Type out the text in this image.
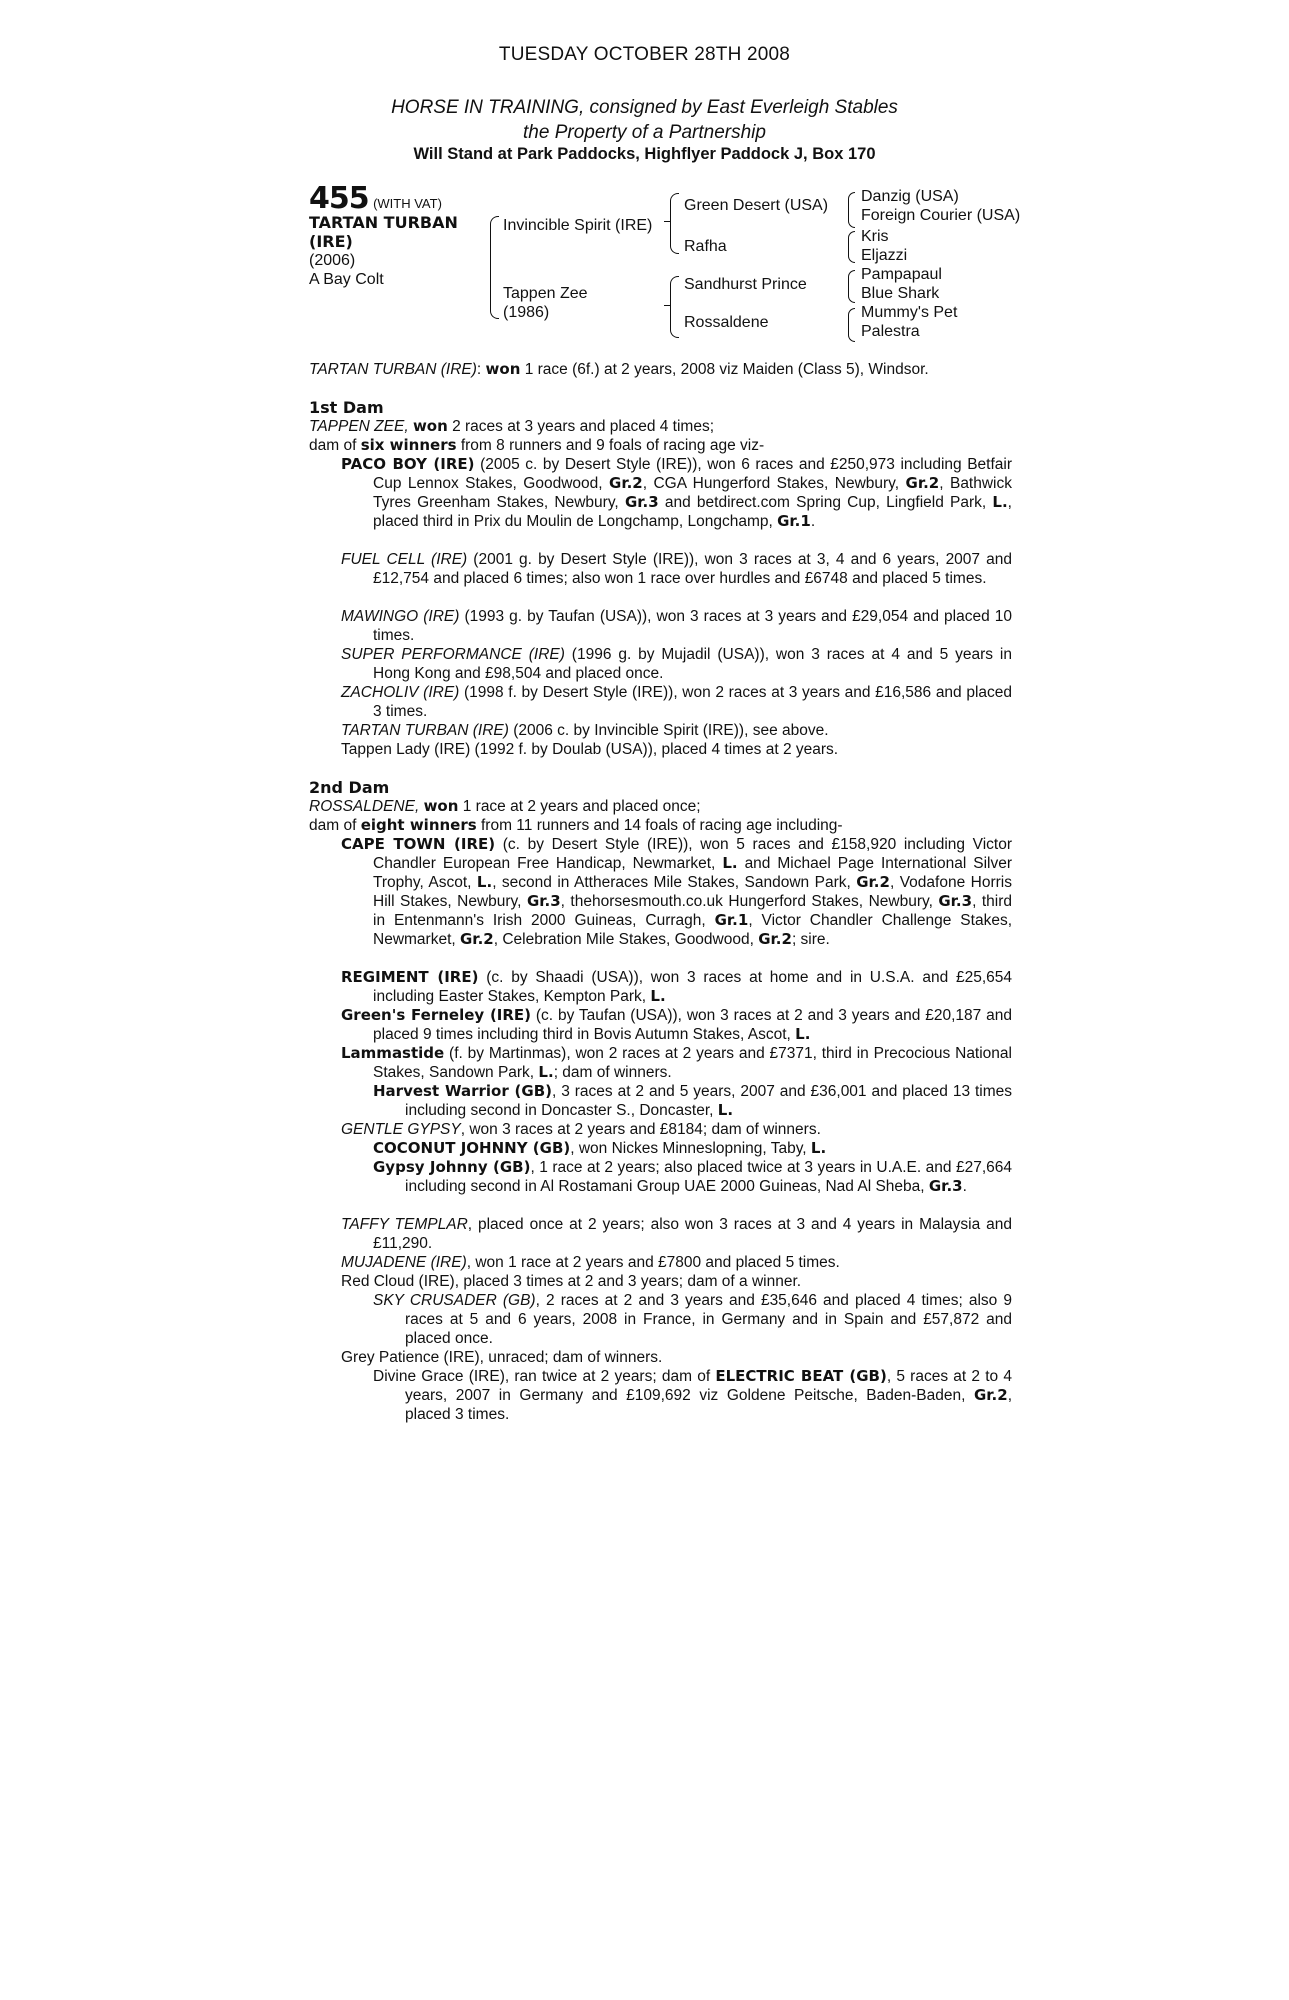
TUESDAY OCTOBER 28TH 2008
HORSE IN TRAINING, consigned by East Everleigh Stables
the Property of a Partnership
Will Stand at Park Paddocks, Highflyer Paddock J, Box 170
455 (WITH VAT)
TARTAN TURBAN
(IRE)
(2006)
A Bay Colt
Invincible Spirit (IRE)
Tappen Zee
(1986)
Green Desert (USA)
Rafha
Sandhurst Prince
Rossaldene
Danzig (USA)
Foreign Courier (USA)
Kris
Eljazzi
Pampapaul
Blue Shark
Mummy's Pet
Palestra
TARTAN TURBAN (IRE): won 1 race (6f.) at 2 years, 2008 viz Maiden (Class 5), Windsor.
1st Dam
TAPPEN ZEE, won 2 races at 3 years and placed 4 times;
dam of six winners from 8 runners and 9 foals of racing age viz-
PACO BOY (IRE) (2005 c. by Desert Style (IRE)), won 6 races and £250,973 including Betfair Cup Lennox Stakes, Goodwood, Gr.2, CGA Hungerford Stakes, Newbury, Gr.2, Bathwick Tyres Greenham Stakes, Newbury, Gr.3 and betdirect.com Spring Cup, Lingfield Park, L., placed third in Prix du Moulin de Longchamp, Longchamp, Gr.1.
FUEL CELL (IRE) (2001 g. by Desert Style (IRE)), won 3 races at 3, 4 and 6 years, 2007 and £12,754 and placed 6 times; also won 1 race over hurdles and £6748 and placed 5 times.
MAWINGO (IRE) (1993 g. by Taufan (USA)), won 3 races at 3 years and £29,054 and placed 10 times.
SUPER PERFORMANCE (IRE) (1996 g. by Mujadil (USA)), won 3 races at 4 and 5 years in Hong Kong and £98,504 and placed once.
ZACHOLIV (IRE) (1998 f. by Desert Style (IRE)), won 2 races at 3 years and £16,586 and placed 3 times.
TARTAN TURBAN (IRE) (2006 c. by Invincible Spirit (IRE)), see above.
Tappen Lady (IRE) (1992 f. by Doulab (USA)), placed 4 times at 2 years.
2nd Dam
ROSSALDENE, won 1 race at 2 years and placed once;
dam of eight winners from 11 runners and 14 foals of racing age including-
CAPE TOWN (IRE) (c. by Desert Style (IRE)), won 5 races and £158,920 including Victor Chandler European Free Handicap, Newmarket, L. and Michael Page International Silver Trophy, Ascot, L., second in Attheraces Mile Stakes, Sandown Park, Gr.2, Vodafone Horris Hill Stakes, Newbury, Gr.3, thehorsesmouth.co.uk Hungerford Stakes, Newbury, Gr.3, third in Entenmann's Irish 2000 Guineas, Curragh, Gr.1, Victor Chandler Challenge Stakes, Newmarket, Gr.2, Celebration Mile Stakes, Goodwood, Gr.2; sire.
REGIMENT (IRE) (c. by Shaadi (USA)), won 3 races at home and in U.S.A. and £25,654 including Easter Stakes, Kempton Park, L.
Green's Ferneley (IRE) (c. by Taufan (USA)), won 3 races at 2 and 3 years and £20,187 and placed 9 times including third in Bovis Autumn Stakes, Ascot, L.
Lammastide (f. by Martinmas), won 2 races at 2 years and £7371, third in Precocious National Stakes, Sandown Park, L.; dam of winners.
Harvest Warrior (GB), 3 races at 2 and 5 years, 2007 and £36,001 and placed 13 times including second in Doncaster S., Doncaster, L.
GENTLE GYPSY, won 3 races at 2 years and £8184; dam of winners.
COCONUT JOHNNY (GB), won Nickes Minneslopning, Taby, L.
Gypsy Johnny (GB), 1 race at 2 years; also placed twice at 3 years in U.A.E. and £27,664 including second in Al Rostamani Group UAE 2000 Guineas, Nad Al Sheba, Gr.3.
TAFFY TEMPLAR, placed once at 2 years; also won 3 races at 3 and 4 years in Malaysia and £11,290.
MUJADENE (IRE), won 1 race at 2 years and £7800 and placed 5 times.
Red Cloud (IRE), placed 3 times at 2 and 3 years; dam of a winner.
SKY CRUSADER (GB), 2 races at 2 and 3 years and £35,646 and placed 4 times; also 9 races at 5 and 6 years, 2008 in France, in Germany and in Spain and £57,872 and placed once.
Grey Patience (IRE), unraced; dam of winners.
Divine Grace (IRE), ran twice at 2 years; dam of ELECTRIC BEAT (GB), 5 races at 2 to 4 years, 2007 in Germany and £109,692 viz Goldene Peitsche, Baden-Baden, Gr.2, placed 3 times.
